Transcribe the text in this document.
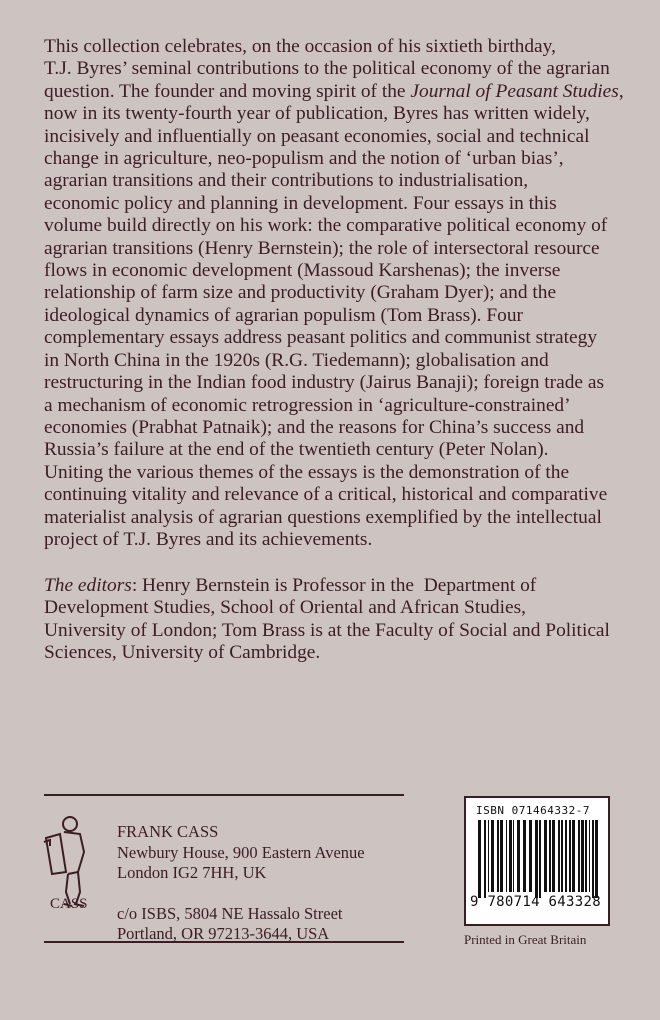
This collection celebrates, on the occasion of his sixtieth birthday,
T.J. Byres’ seminal contributions to the political economy of the agrarian
question. The founder and moving spirit of the Journal of Peasant Studies,
now in its twenty-fourth year of publication, Byres has written widely,
incisively and influentially on peasant economies, social and technical
change in agriculture, neo-populism and the notion of ‘urban bias’,
agrarian transitions and their contributions to industrialisation,
economic policy and planning in development. Four essays in this
volume build directly on his work: the comparative political economy of
agrarian transitions (Henry Bernstein); the role of intersectoral resource
flows in economic development (Massoud Karshenas); the inverse
relationship of farm size and productivity (Graham Dyer); and the
ideological dynamics of agrarian populism (Tom Brass). Four
complementary essays address peasant politics and communist strategy
in North China in the 1920s (R.G. Tiedemann); globalisation and
restructuring in the Indian food industry (Jairus Banaji); foreign trade as
a mechanism of economic retrogression in ‘agriculture-constrained’
economies (Prabhat Patnaik); and the reasons for China’s success and
Russia’s failure at the end of the twentieth century (Peter Nolan).
Uniting the various themes of the essays is the demonstration of the
continuing vitality and relevance of a critical, historical and comparative
materialist analysis of agrarian questions exemplified by the intellectual
project of T.J. Byres and its achievements.
The editors: Henry Bernstein is Professor in the  Department of
Development Studies, School of Oriental and African Studies,
University of London; Tom Brass is at the Faculty of Social and Political
Sciences, University of Cambridge.
CASS
FRANK CASS
Newbury House, 900 Eastern Avenue
London IG2 7HH, UK
c/o ISBS, 5804 NE Hassalo Street
Portland, OR 97213-3644, USA
ISBN 071464332-7
9 780714 643328
Printed in Great Britain
